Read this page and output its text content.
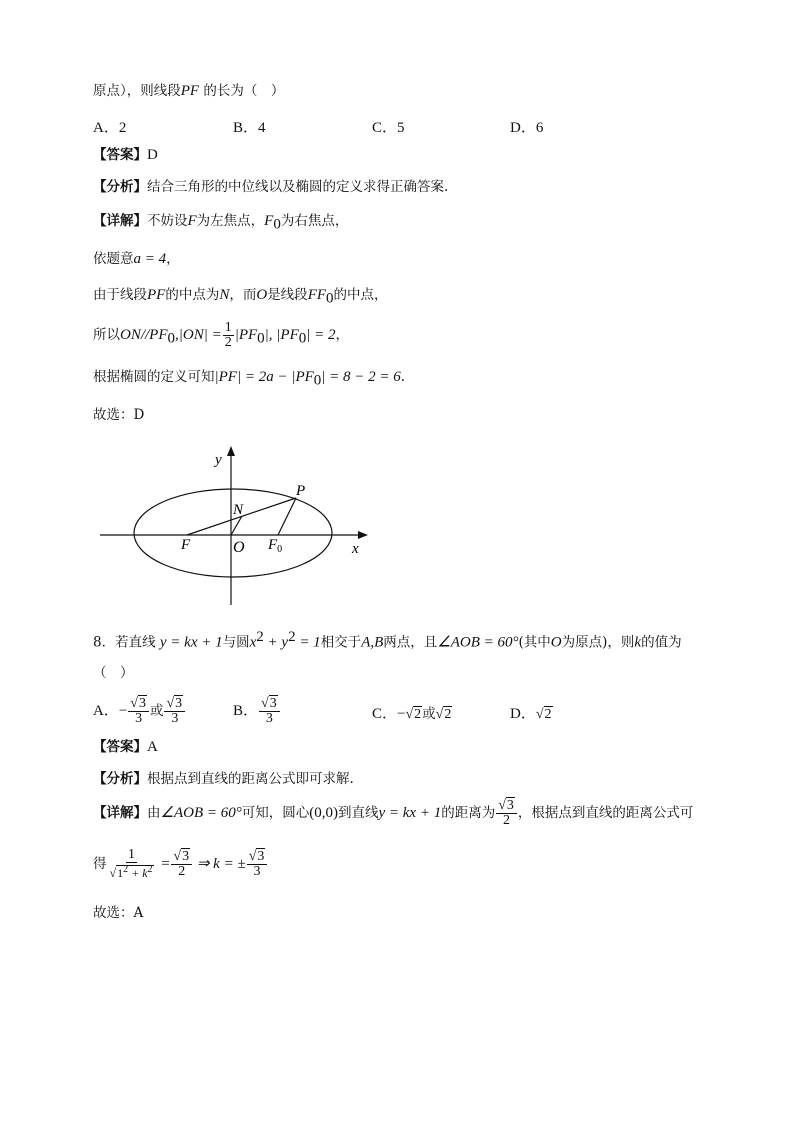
原点），则线段PF 的长为（　）
A．2	B．4	C．5	D．6
【答案】D
【分析】结合三角形的中位线以及椭圆的定义求得正确答案.
【详解】不妨设F为左焦点，$F_0$为右焦点，
依题意a = 4，
由于线段PF的中点为N，而O是线段$FF_0$的中点，
所以$ON//PF_0,|ON| = \frac{1}{2} |PF_0|$, $|PF_0| = 2$，
根据椭圆的定义可知$|PF| = 2a - |PF_0| = 8 - 2 = 6$.
故选：D
y
x
P
N
F	O $F_0$
8．若直线 y = kx + 1与圆$x^2 + y^2 = 1$相交于A,B两点，且∠AOB = 60°(其中O为原点)，则k的值为
（　）
A．− $\frac{√3}{3}$ 或 $\frac{√3}{3}$	B． $\frac{√3}{3}$	C．−√2或√2	D．√2
【答案】A
【分析】根据点到直线的距离公式即可求解.
【详解】由∠AOB = 60°可知，圆心(0,0)到直线y = kx + 1的距离为 $\frac{√3}{2}$ ，根据点到直线的距离公式可
得 $\frac{1}{√1^2 + k^2} = \frac{√3}{2}$ ⇒ k = ± $\frac{√3}{3}$
故选：A
